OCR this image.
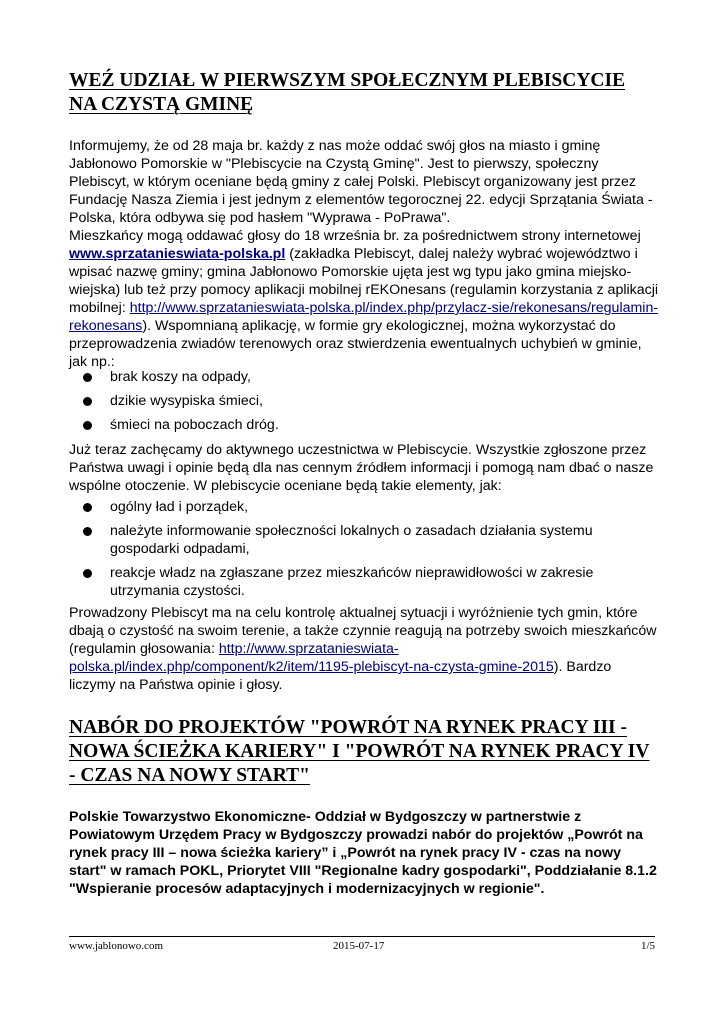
WEŹ UDZIAŁ W PIERWSZYM SPOŁECZNYM PLEBISCYCIE NA CZYSTĄ GMINĘ

Informujemy, że od 28 maja br. każdy z nas może oddać swój głos na miasto i gminę Jabłonowo Pomorskie w "Plebiscycie na Czystą Gminę". Jest to pierwszy, społeczny Plebiscyt, w którym oceniane będą gminy z całej Polski. Plebiscyt organizowany jest przez Fundację Nasza Ziemia i jest jednym z elementów tegorocznej 22. edycji Sprzątania Świata - Polska, która odbywa się pod hasłem "Wyprawa - PoPrawa".

Mieszkańcy mogą oddawać głosy do 18 września br. za pośrednictwem strony internetowej www.sprzatanieswiata-polska.pl (zakładka Plebiscyt, dalej należy wybrać województwo i wpisać nazwę gminy; gmina Jabłonowo Pomorskie ujęta jest wg typu jako gmina miejsko-wiejska) lub też przy pomocy aplikacji mobilnej rEKOnesans (regulamin korzystania z aplikacji mobilnej: http://www.sprzatanieswiata-polska.pl/index.php/przylacz-sie/rekonesans/regulamin-rekonesans). Wspomnianą aplikację, w formie gry ekologicznej, można wykorzystać do przeprowadzenia zwiadów terenowych oraz stwierdzenia ewentualnych uchybień w gminie, jak np.:

brak koszy na odpady,
dzikie wysypiska śmieci,
śmieci na poboczach dróg.

Już teraz zachęcamy do aktywnego uczestnictwa w Plebiscycie. Wszystkie zgłoszone przez Państwa uwagi i opinie będą dla nas cennym źródłem informacji i pomogą nam dbać o nasze wspólne otoczenie. W plebiscycie oceniane będą takie elementy, jak:

ogólny ład i porządek,
należyte informowanie społeczności lokalnych o zasadach działania systemu gospodarki odpadami,
reakcje władz na zgłaszane przez mieszkańców nieprawidłowości w zakresie utrzymania czystości.

Prowadzony Plebiscyt ma na celu kontrolę aktualnej sytuacji i wyróżnienie tych gmin, które dbają o czystość na swoim terenie, a także czynnie reagują na potrzeby swoich mieszkańców (regulamin głosowania: http://www.sprzatanieswiata-polska.pl/index.php/component/k2/item/1195-plebiscyt-na-czysta-gmine-2015). Bardzo liczymy na Państwa opinie i głosy.

NABÓR DO PROJEKTÓW "POWRÓT NA RYNEK PRACY III - NOWA ŚCIEŻKA KARIERY" I "POWRÓT NA RYNEK PRACY IV - CZAS NA NOWY START"

Polskie Towarzystwo Ekonomiczne- Oddział w Bydgoszczy w partnerstwie z Powiatowym Urzędem Pracy w Bydgoszczy prowadzi nabór do projektów „Powrót na rynek pracy III – nowa ścieżka kariery” i „Powrót na rynek pracy IV - czas na nowy start" w ramach POKL, Priorytet VIII "Regionalne kadry gospodarki", Poddziałanie 8.1.2 "Wspieranie procesów adaptacyjnych i modernizacyjnych w regionie".

www.jablonowo.com	2015-07-17	1/5
